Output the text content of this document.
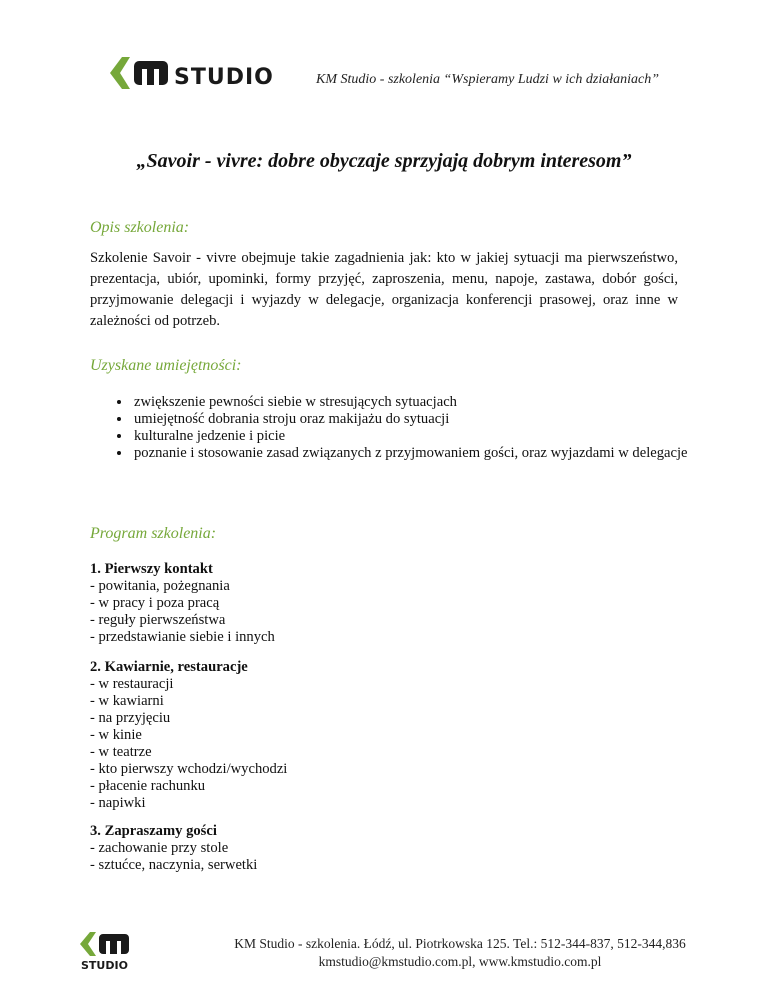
STUDIO	KM Studio - szkolenia “Wspieramy Ludzi w ich działaniach”
„Savoir - vivre: dobre obyczaje sprzyjają dobrym interesom”
Opis szkolenia:
Szkolenie Savoir - vivre obejmuje takie zagadnienia jak: kto w jakiej sytuacji ma pierwszeństwo, prezentacja, ubiór, upominki, formy przyjęć, zaproszenia, menu, napoje, zastawa, dobór gości, przyjmowanie delegacji i wyjazdy w delegacje, organizacja konferencji prasowej, oraz inne w zależności od potrzeb.
Uzyskane umiejętności:
• zwiększenie pewności siebie w stresujących sytuacjach
• umiejętność dobrania stroju oraz makijażu do sytuacji
• kulturalne jedzenie i picie
• poznanie i stosowanie zasad związanych z przyjmowaniem gości, oraz wyjazdami w delegacje
Program szkolenia:
1. Pierwszy kontakt
- powitania, pożegnania
- w pracy i poza pracą
- reguły pierwszeństwa
- przedstawianie siebie i innych
2. Kawiarnie, restauracje
- w restauracji
- w kawiarni
- na przyjęciu
- w kinie
- w teatrze
- kto pierwszy wchodzi/wychodzi
- płacenie rachunku
- napiwki
3. Zapraszamy gości
- zachowanie przy stole
- sztućce, naczynia, serwetki
STUDIO
KM Studio - szkolenia. Łódź, ul. Piotrkowska 125. Tel.: 512-344-837, 512-344,836
kmstudio@kmstudio.com.pl, www.kmstudio.com.pl
